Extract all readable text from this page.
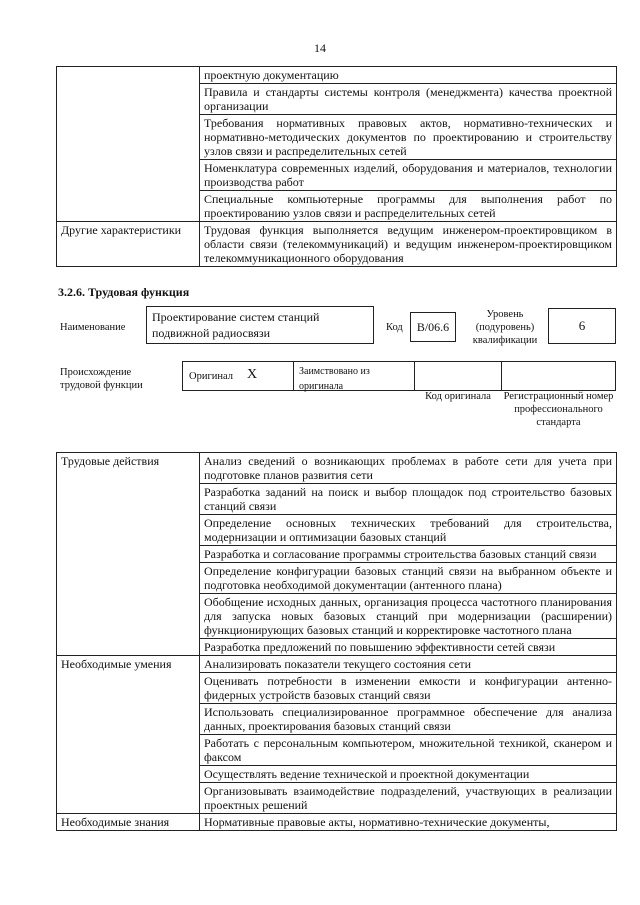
14
	проектную документацию
	Правила и стандарты системы контроля (менеджмента) качества проектной организации
	Требования нормативных правовых актов, нормативно-технических и нормативно-методических документов по проектированию и строительству узлов связи и распределительных сетей
	Номенклатура современных изделий, оборудования и материалов, технологии производства работ
	Специальные компьютерные программы для выполнения работ по проектированию узлов связи и распределительных сетей
Другие характеристики	Трудовая функция выполняется ведущим инженером-проектировщиком в области связи (телекоммуникаций) и ведущим инженером-проектировщиком телекоммуникационного оборудования
3.2.6. Трудовая функция
Наименование
Проектирование систем станций подвижной радиосвязи	Код	B/06.6
Уровень (подуровень) квалификации
6
Происхождение трудовой функции
Оригинал X	Заимствовано из оригинала
Код оригинала	Регистрационный номер профессионального стандарта
Трудовые действия	Анализ сведений о возникающих проблемах в работе сети для учета при подготовке планов развития сети
	Разработка заданий на поиск и выбор площадок под строительство базовых станций связи
	Определение основных технических требований для строительства, модернизации и оптимизации базовых станций
	Разработка и согласование программы строительства базовых станций связи
	Определение конфигурации базовых станций связи на выбранном объекте и подготовка необходимой документации (антенного плана)
	Обобщение исходных данных, организация процесса частотного планирования для запуска новых базовых станций при модернизации (расширении) функционирующих базовых станций и корректировке частотного плана
	Разработка предложений по повышению эффективности сетей связи
Необходимые умения	Анализировать показатели текущего состояния сети
	Оценивать потребности в изменении емкости и конфигурации антенно-фидерных устройств базовых станций связи
	Использовать специализированное программное обеспечение для анализа данных, проектирования базовых станций связи
	Работать с персональным компьютером, множительной техникой, сканером и факсом
	Осуществлять ведение технической и проектной документации
	Организовывать взаимодействие подразделений, участвующих в реализации проектных решений
Необходимые знания	Нормативные правовые акты, нормативно-технические документы,
